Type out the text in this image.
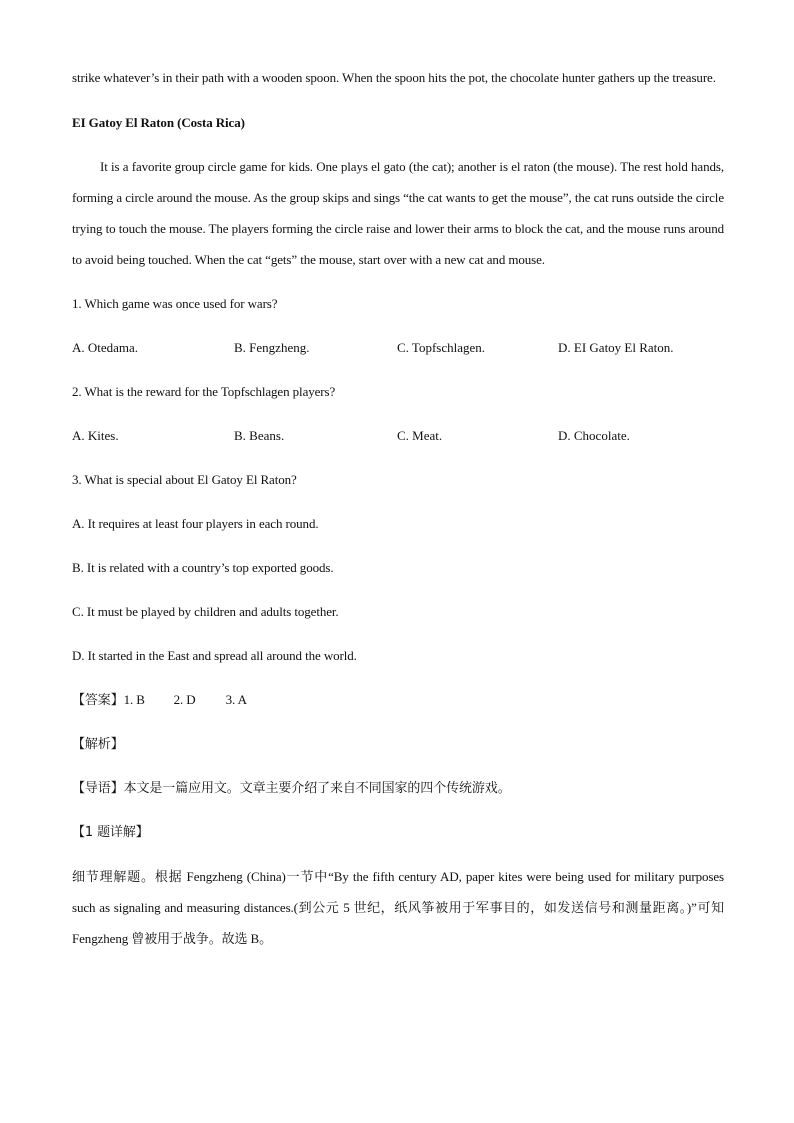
strike whatever’s in their path with a wooden spoon. When the spoon hits the pot, the chocolate hunter gathers up the treasure.

EI Gatoy El Raton (Costa Rica)

It is a favorite group circle game for kids. One plays el gato (the cat); another is el raton (the mouse). The rest hold hands, forming a circle around the mouse. As the group skips and sings “the cat wants to get the mouse”, the cat runs outside the circle trying to touch the mouse. The players forming the circle raise and lower their arms to block the cat, and the mouse runs around to avoid being touched. When the cat “gets” the mouse, start over with a new cat and mouse.

1. Which game was once used for wars?

A. Otedama.	B. Fengzheng.	C. Topfschlagen.	D. EI Gatoy El Raton.

2. What is the reward for the Topfschlagen players?

A. Kites.	B. Beans.	C. Meat.	D. Chocolate.

3. What is special about El Gatoy El Raton?

A. It requires at least four players in each round.

B. It is related with a country’s top exported goods.

C. It must be played by children and adults together.

D. It started in the East and spread all around the world.

【答案】1. B 2. D 3. A

【解析】

【导语】本文是一篇应用文。文章主要介绍了来自不同国家的四个传统游戏。

【1 题详解】

细节理解题。根据 Fengzheng (China)一节中“By the fifth century AD, paper kites were being used for military purposes such as signaling and measuring distances.(到公元 5 世纪，纸风筝被用于军事目的，如发送信号和测量距离。)”可知 Fengzheng 曾被用于战争。故选 B。
